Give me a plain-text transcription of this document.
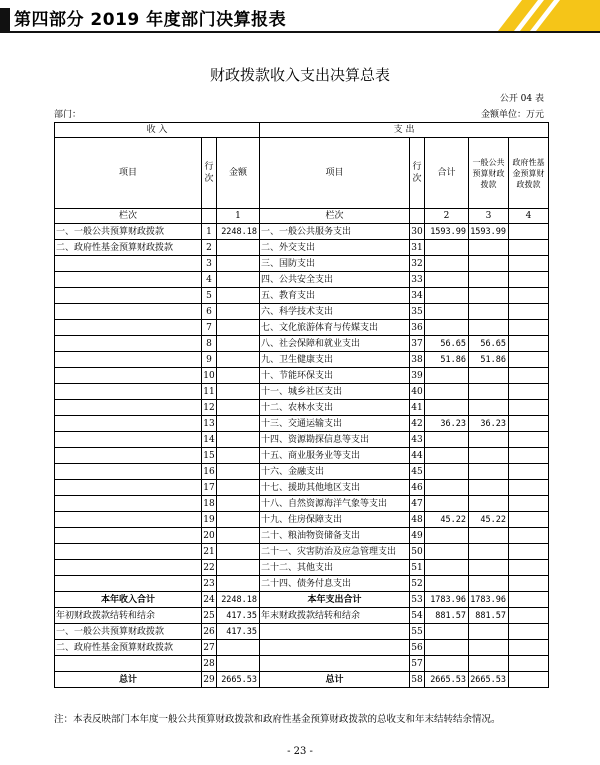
第四部分 2019 年度部门决算报表
财政拨款收入支出决算总表
公开 04 表
部门：	金额单位：万元
收 入			支 出				
项目	行次	金额	项目	行次	合计	一般公共预算财政拨款	政府性基金预算财政拨款
栏次		1	栏次		2	3	4
一、一般公共预算财政拨款	1	2248.18	一、一般公共服务支出	30	1593.99	1593.99	
二、政府性基金预算财政拨款	2		二、外交支出	31			
	3		三、国防支出	32			
	4		四、公共安全支出	33			
	5		五、教育支出	34			
	6		六、科学技术支出	35			
	7		七、文化旅游体育与传媒支出	36			
	8		八、社会保障和就业支出	37	56.65	56.65	
	9		九、卫生健康支出	38	51.86	51.86	
	10		十、节能环保支出	39			
	11		十一、城乡社区支出	40			
	12		十二、农林水支出	41			
	13		十三、交通运输支出	42	36.23	36.23	
	14		十四、资源勘探信息等支出	43			
	15		十五、商业服务业等支出	44			
	16		十六、金融支出	45			
	17		十七、援助其他地区支出	46			
	18		十八、自然资源海洋气象等支出	47			
	19		十九、住房保障支出	48	45.22	45.22	
	20		二十、粮油物资储备支出	49			
	21		二十一、灾害防治及应急管理支出	50			
	22		二十二、其他支出	51			
	23		二十四、债务付息支出	52			
本年收入合计	24	2248.18	本年支出合计	53	1783.96	1783.96	
年初财政拨款结转和结余	25	417.35	年末财政拨款结转和结余	54	881.57	881.57	
一、一般公共预算财政拨款	26	417.35		55			
二、政府性基金预算财政拨款	27			56			
	28			57			
总计	29	2665.53	总计	58	2665.53	2665.53	
注：本表反映部门本年度一般公共预算财政拨款和政府性基金预算财政拨款的总收支和年末结转结余情况。
- 23 -
